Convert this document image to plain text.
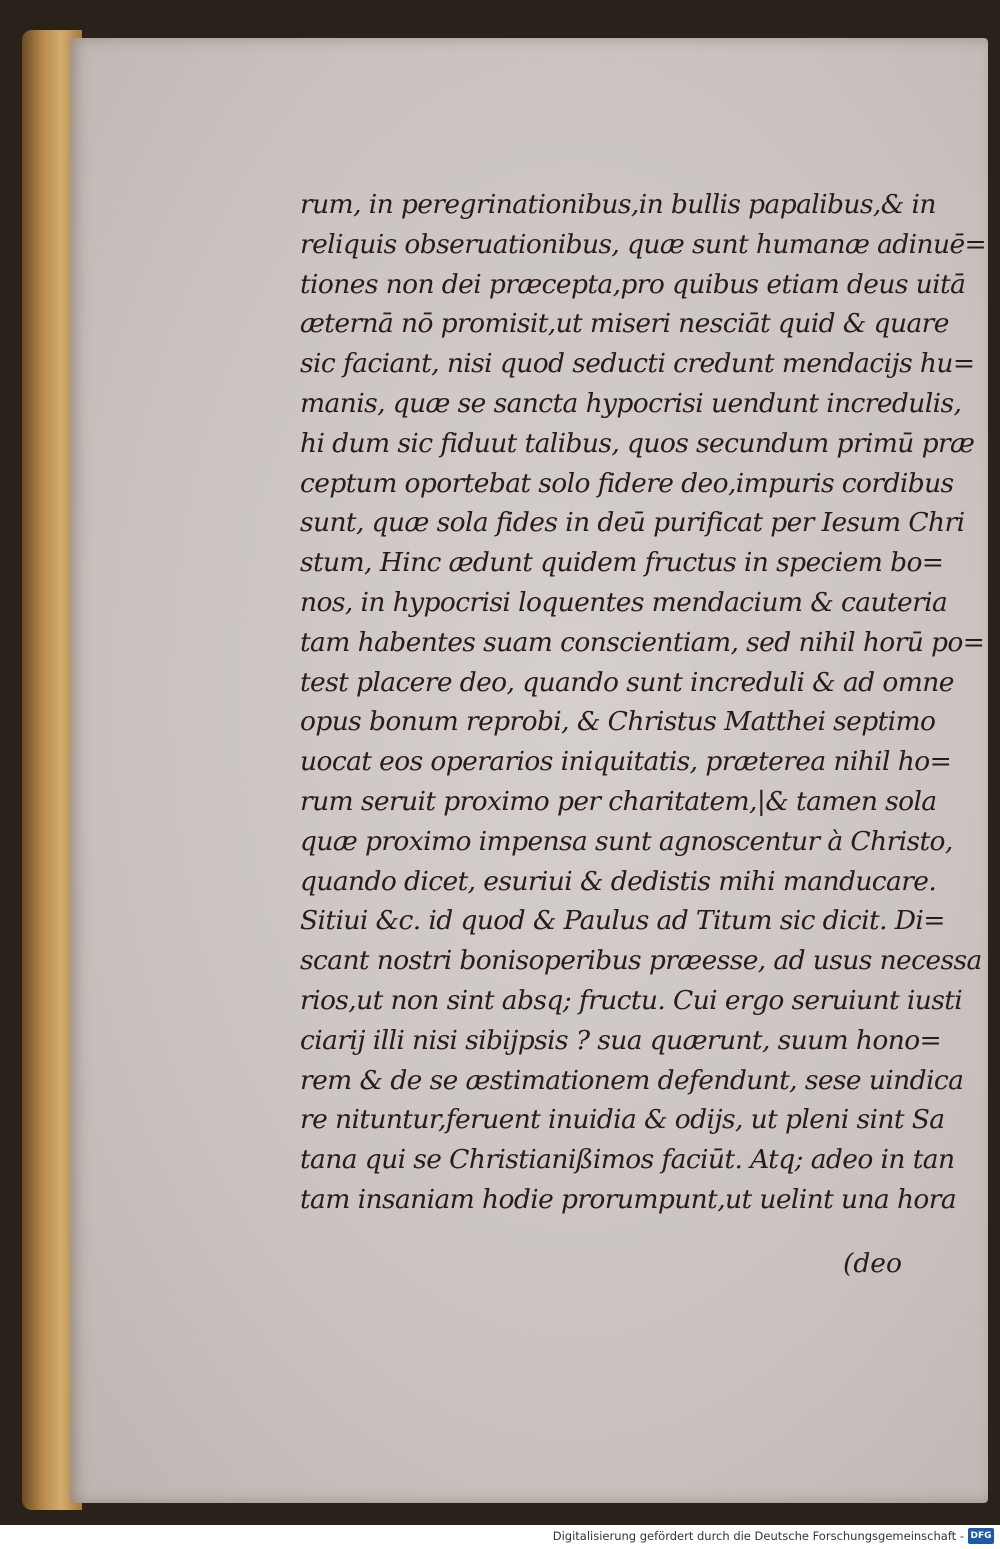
rum, in peregrinationibus,in bullis papalibus,& in
reliquis obseruationibus, quæ sunt humanæ adinuē=
tiones non dei præcepta,pro quibus etiam deus uitā
æternā nō promisit,ut miseri nesciāt quid & quare
sic faciant, nisi quod seducti credunt mendacijs hu=
manis, quæ se sancta hypocrisi uendunt incredulis,
hi dum sic fiduut talibus, quos secundum primū præ
ceptum oportebat solo fidere deo,impuris cordibus
sunt, quæ sola fides in deū purificat per Iesum Chri
stum, Hinc ædunt quidem fructus in speciem bo=
nos, in hypocrisi loquentes mendacium & cauteria
tam habentes suam conscientiam, sed nihil horū po=
test placere deo, quando sunt increduli & ad omne
opus bonum reprobi, & Christus Matthei septimo
uocat eos operarios iniquitatis, prӕterea nihil ho=
rum seruit proximo per charitatem,|& tamen sola
quæ proximo impensa sunt agnoscentur à Christo,
quando dicet, esuriui & dedistis mihi manducare.
Sitiui &c. id quod & Paulus ad Titum sic dicit. Di=
scant nostri bonisoperibus præesse, ad usus necessa
rios,ut non sint absq; fructu. Cui ergo seruiunt iusti
ciarij illi nisi sibijpsis ? sua quærunt, suum hono=
rem & de se æstimationem defendunt, sese uindica
re nituntur,feruent inuidia & odijs, ut pleni sint Sa
tana qui se Christianißimos faciūt. Atq; adeo in tan
tam insaniam hodie prorumpunt,ut uelint una hora
(deo
Digitalisierung gefördert durch die Deutsche Forschungsgemeinschaft - DFG
